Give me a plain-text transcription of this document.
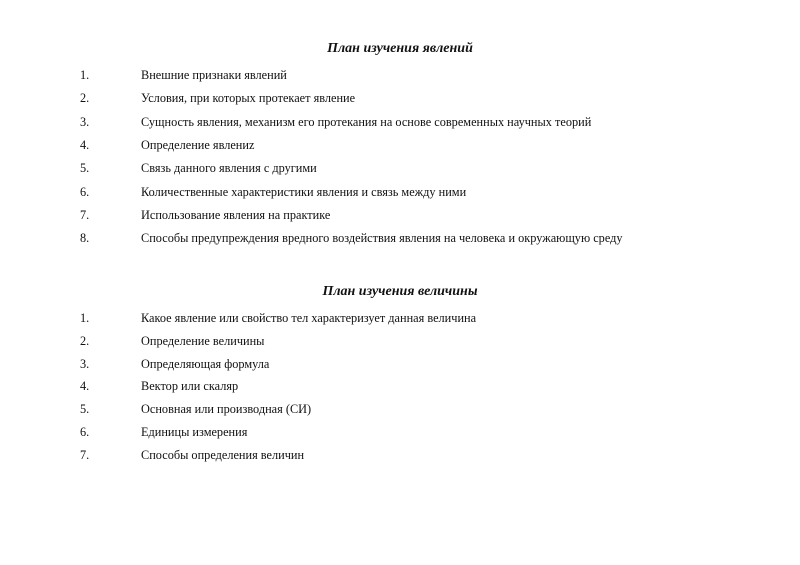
План изучения явлений
1.	Внешние признаки явлений
2.	Условия, при которых протекает явление
3.	Сущность явления, механизм его протекания на основе современных научных теорий
4.	Определение явлениz
5.	Связь данного явления с другими
6.	Количественные характеристики явления и связь между ними
7.	Использование явления на практике
8.	Способы предупреждения вредного воздействия явления на человека и окружающую среду
План изучения величины
1.	Какое явление или свойство тел характеризует данная величина
2.	Определение величины
3.	Определяющая формула
4.	Вектор или скаляр
5.	Основная или производная (СИ)
6.	Единицы измерения
7.	Способы определения величин
